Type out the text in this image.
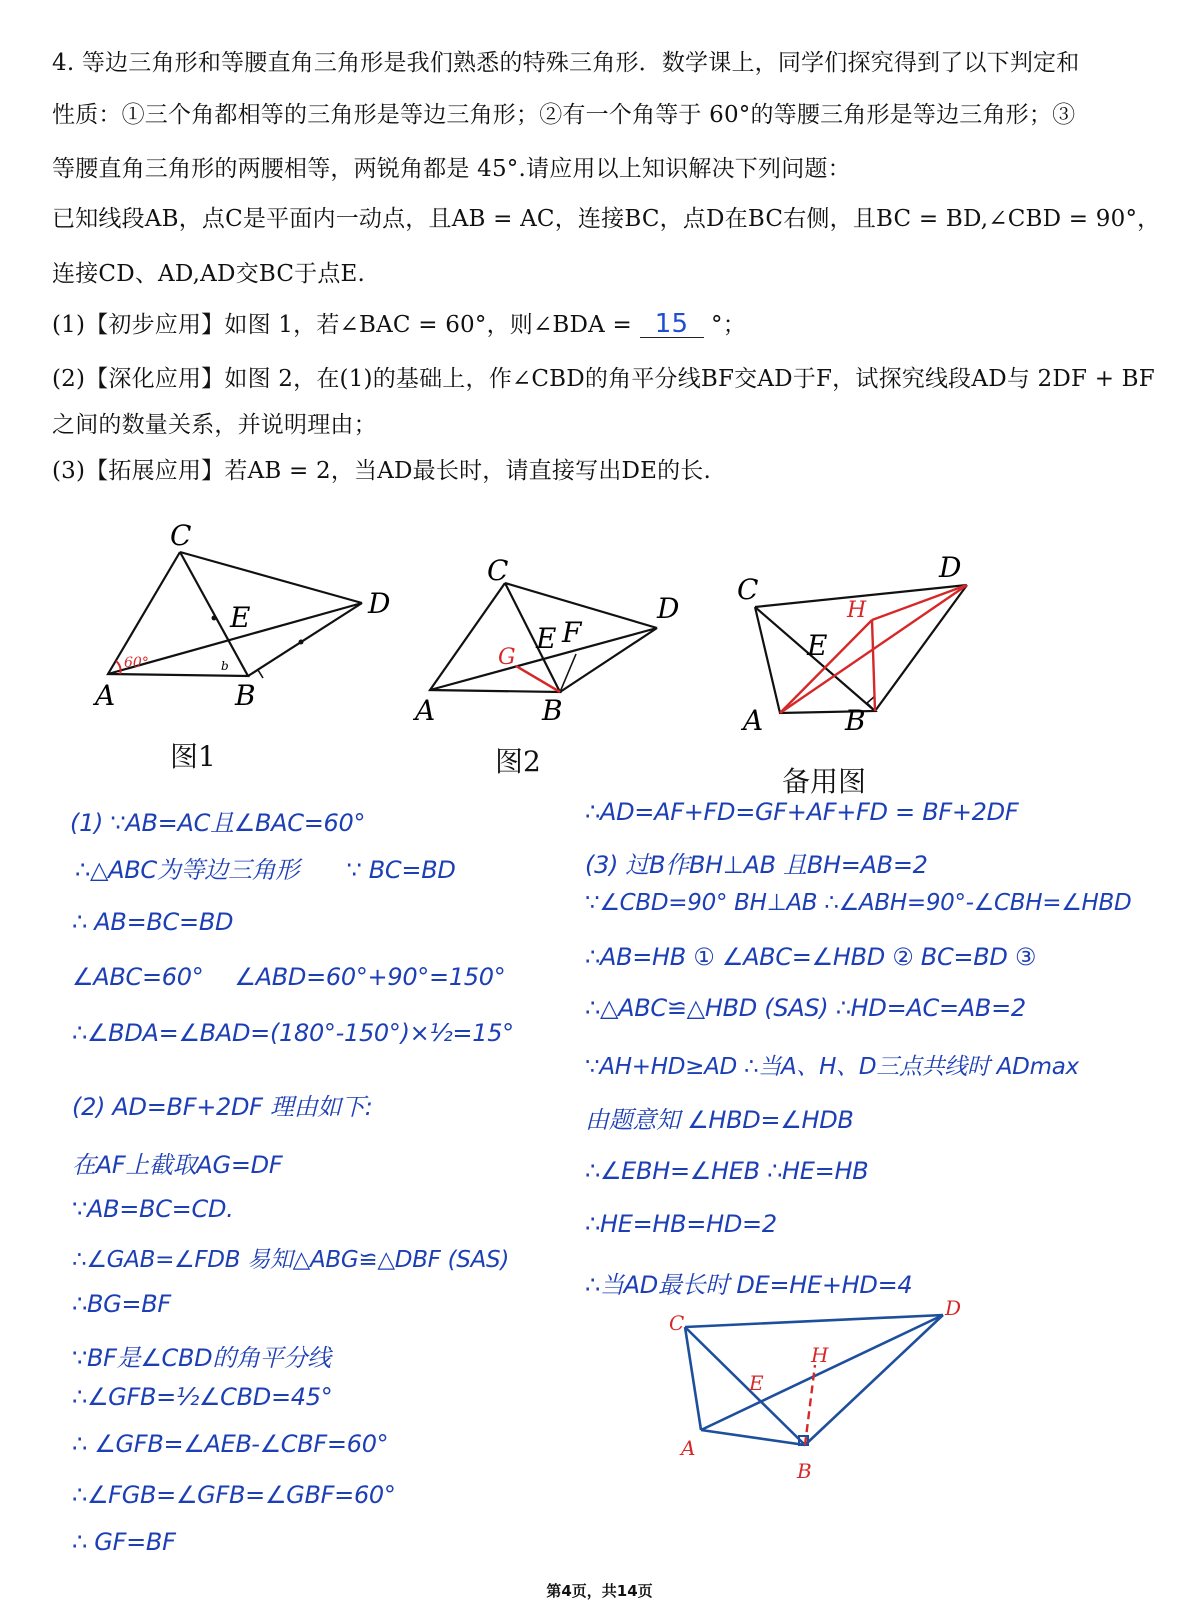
4. 等边三角形和等腰直角三角形是我们熟悉的特殊三角形．数学课上，同学们探究得到了以下判定和
性质：①三个角都相等的三角形是等边三角形；②有一个角等于 60°的等腰三角形是等边三角形；③
等腰直角三角形的两腰相等，两锐角都是 45°.请应用以上知识解决下列问题：
已知线段AB，点C是平面内一动点，且AB = AC，连接BC，点D在BC右侧，且BC = BD,∠CBD = 90°，
连接CD、AD,AD交BC于点E.
(1)【初步应用】如图 1，若∠BAC = 60°，则∠BDA = 15 °；
(2)【深化应用】如图 2，在(1)的基础上，作∠CBD的角平分线BF交AD于F，试探究线段AD与 2DF + BF
之间的数量关系，并说明理由；
(3)【拓展应用】若AB = 2，当AD最长时，请直接写出DE的长.
60°	b
C
E	D
A	B
图1
C
E F
G
D
A	B
图2
C
E
H
D
A	B
备用图
(1) ∵AB=AC且∠BAC=60°
∴△ABC为等边三角形　　∵ BC=BD
∴ AB=BC=BD
∠ABC=60°　 ∠ABD=60°+90°=150°
∴∠BDA=∠BAD=(180°-150°)×½=15°
(2) AD=BF+2DF 理由如下:
在AF上截取AG=DF
∵AB=BC=CD.
∴∠GAB=∠FDB 易知△ABG≌△DBF (SAS)
∴BG=BF
∵BF是∠CBD的角平分线
∴∠GFB=½∠CBD=45°
∴ ∠GFB=∠AEB-∠CBF=60°
∴∠FGB=∠GFB=∠GBF=60°
∴ GF=BF
∴AD=AF+FD=GF+AF+FD = BF+2DF
(3) 过B作BH⊥AB 且BH=AB=2
∵∠CBD=90° BH⊥AB ∴∠ABH=90°-∠CBH=∠HBD
∴AB=HB ① ∠ABC=∠HBD ② BC=BD ③
∴△ABC≌△HBD (SAS) ∴HD=AC=AB=2
∵AH+HD≥AD ∴当A、H、D三点共线时 ADmax
由题意知 ∠HBD=∠HDB
∴∠EBH=∠HEB ∴HE=HB
∴HE=HB=HD=2
∴当AD最长时 DE=HE+HD=4
C
D
H
E
A
B
第4页，共14页
